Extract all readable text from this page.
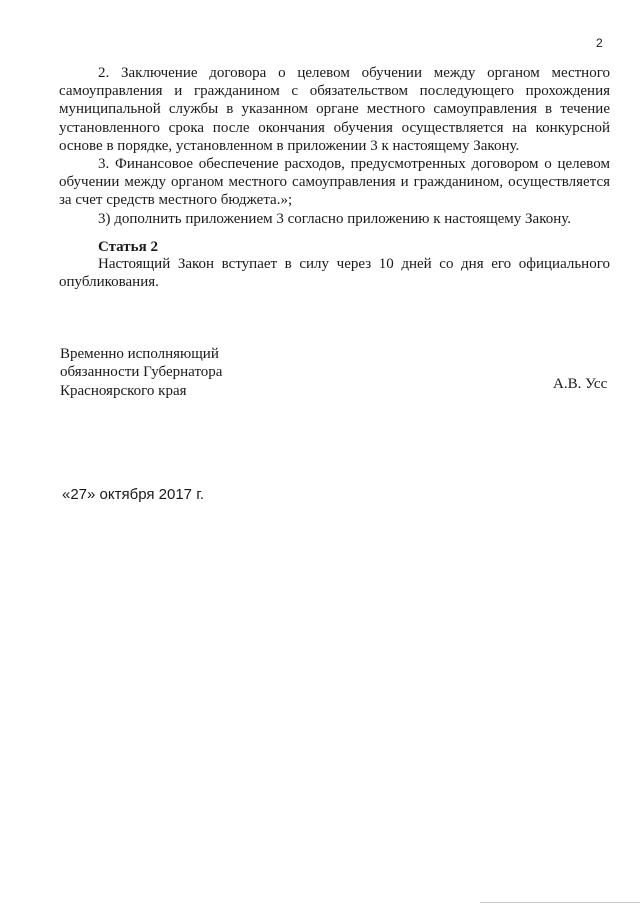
2

2. Заключение договора о целевом обучении между органом местного самоуправления и гражданином с обязательством последующего прохождения муниципальной службы в указанном органе местного самоуправления в течение установленного срока после окончания обучения осуществляется на конкурсной основе в порядке, установленном в приложении 3 к настоящему Закону.

3. Финансовое обеспечение расходов, предусмотренных договором о целевом обучении между органом местного самоуправления и гражданином, осуществляется за счет средств местного бюджета.»;

3) дополнить приложением 3 согласно приложению к настоящему Закону.

Статья 2

Настоящий Закон вступает в силу через 10 дней со дня его официального опубликования.

Временно исполняющий
обязанности Губернатора
Красноярского края	А.В. Усс
«27» октября 2017 г.
